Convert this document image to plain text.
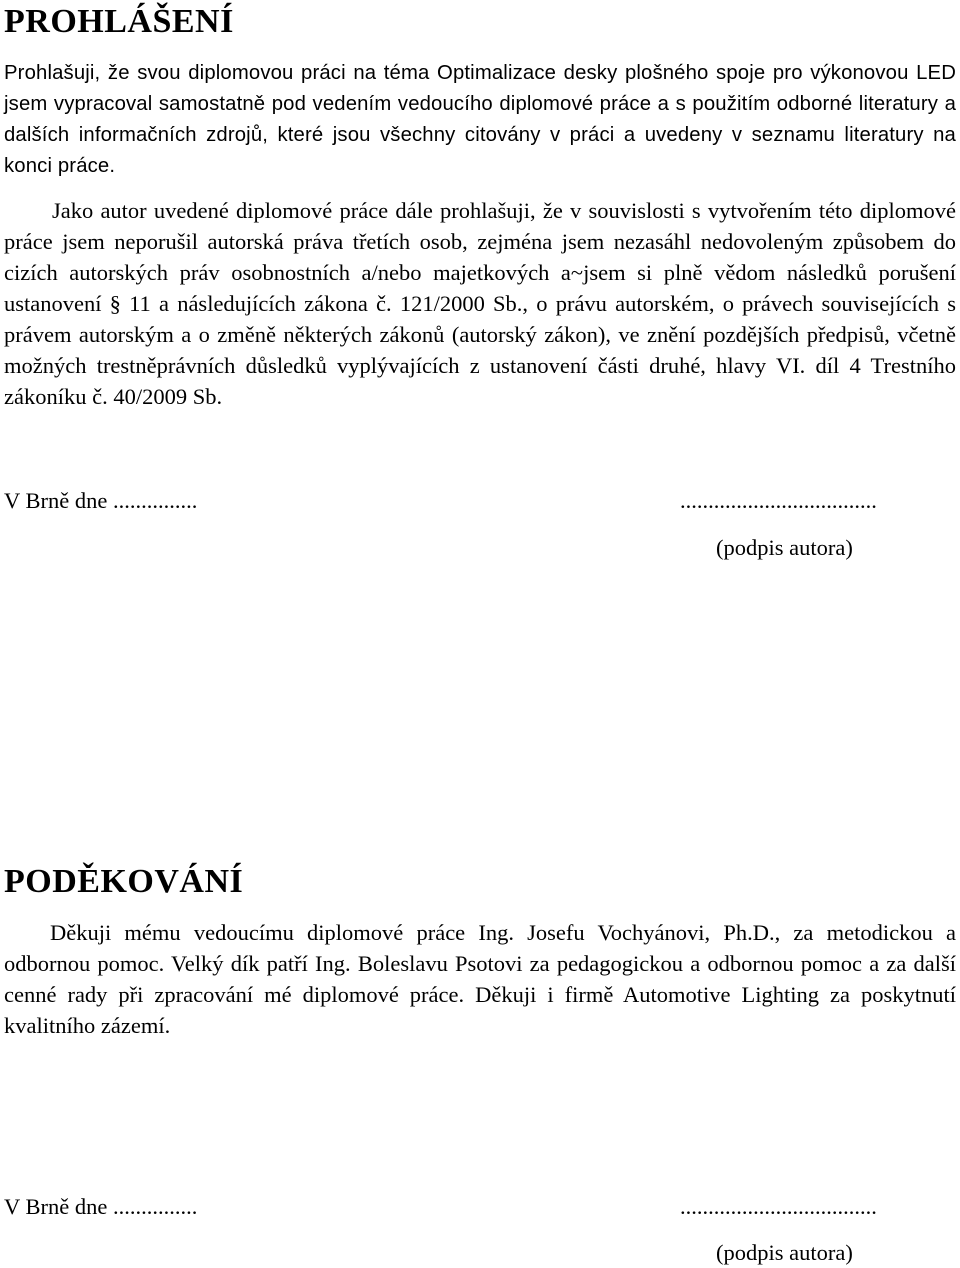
PROHLÁŠENÍ

Prohlašuji, že svou diplomovou práci na téma Optimalizace desky plošného spoje pro výkonovou LED jsem vypracoval samostatně pod vedením vedoucího diplomové práce a s použitím odborné literatury a dalších informačních zdrojů, které jsou všechny citovány v práci a uvedeny v seznamu literatury na konci práce.

Jako autor uvedené diplomové práce dále prohlašuji, že v souvislosti s vytvořením této diplomové práce jsem neporušil autorská práva třetích osob, zejména jsem nezasáhl nedovoleným způsobem do cizích autorských práv osobnostních a/nebo majetkových a~jsem si plně vědom následků porušení ustanovení § 11 a následujících zákona č. 121/2000 Sb., o právu autorském, o právech souvisejících s právem autorským a o změně některých zákonů (autorský zákon), ve znění pozdějších předpisů, včetně možných trestněprávních důsledků vyplývajících z ustanovení části druhé, hlavy VI. díl 4 Trestního zákoníku č. 40/2009 Sb.

V Brně dne ...............	...................................
(podpis autora)
PODĚKOVÁNÍ

Děkuji mému vedoucímu diplomové práce Ing. Josefu Vochyánovi, Ph.D., za metodickou a odbornou pomoc. Velký dík patří Ing. Boleslavu Psotovi za pedagogickou a odbornou pomoc a za další cenné rady při zpracování mé diplomové práce. Děkuji i firmě Automotive Lighting za poskytnutí kvalitního zázemí.

V Brně dne ...............	...................................
(podpis autora)
